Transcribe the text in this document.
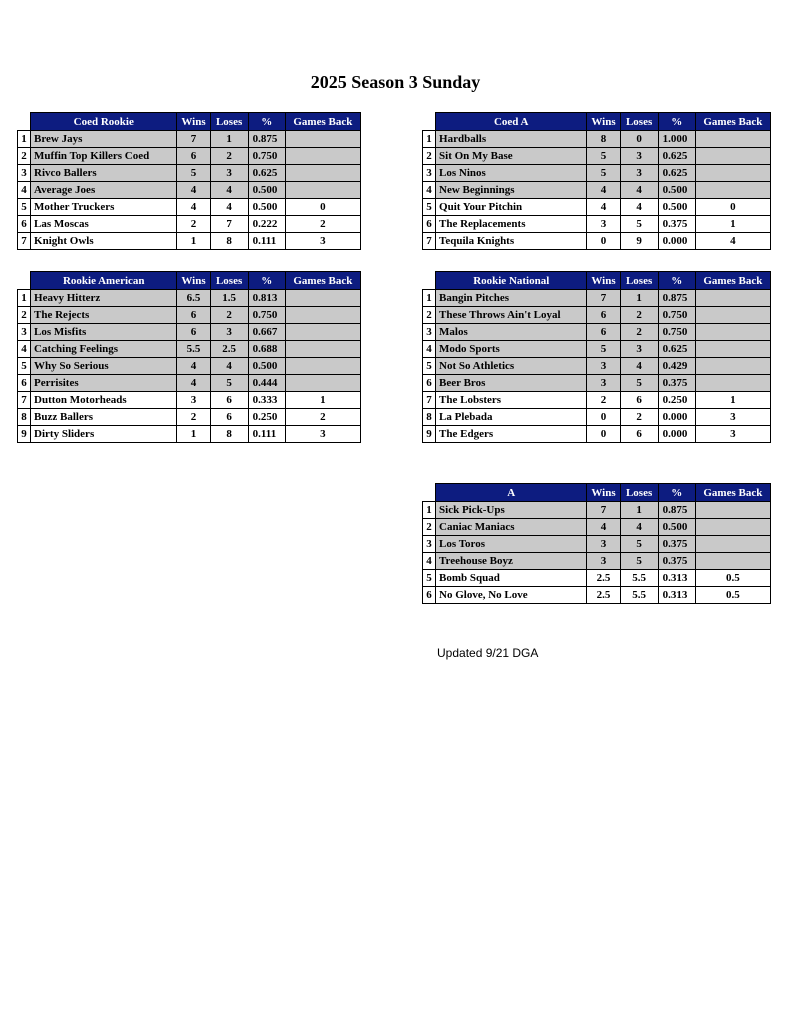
2025 Season 3 Sunday
	Coed Rookie	Wins	Loses	%	Games Back
1	Brew Jays	7	1	0.875	
2	Muffin Top Killers Coed	6	2	0.750	
3	Rivco Ballers	5	3	0.625	
4	Average Joes	4	4	0.500	
5	Mother Truckers	4	4	0.500	0
6	Las Moscas	2	7	0.222	2
7	Knight Owls	1	8	0.111	3
	Coed A	Wins	Loses	%	Games Back
1	Hardballs	8	0	1.000	
2	Sit On My Base	5	3	0.625	
3	Los Ninos	5	3	0.625	
4	New Beginnings	4	4	0.500	
5	Quit Your Pitchin	4	4	0.500	0
6	The Replacements	3	5	0.375	1
7	Tequila Knights	0	9	0.000	4
	Rookie American	Wins	Loses	%	Games Back
1	Heavy Hitterz	6.5	1.5	0.813	
2	The Rejects	6	2	0.750	
3	Los Misfits	6	3	0.667	
4	Catching Feelings	5.5	2.5	0.688	
5	Why So Serious	4	4	0.500	
6	Perrisites	4	5	0.444	
7	Dutton Motorheads	3	6	0.333	1
8	Buzz Ballers	2	6	0.250	2
9	Dirty Sliders	1	8	0.111	3
	Rookie National	Wins	Loses	%	Games Back
1	Bangin Pitches	7	1	0.875	
2	These Throws Ain't Loyal	6	2	0.750	
3	Malos	6	2	0.750	
4	Modo Sports	5	3	0.625	
5	Not So Athletics	3	4	0.429	
6	Beer Bros	3	5	0.375	
7	The Lobsters	2	6	0.250	1
8	La Plebada	0	2	0.000	3
9	The Edgers	0	6	0.000	3
	A	Wins	Loses	%	Games Back
1	Sick Pick-Ups	7	1	0.875	
2	Caniac Maniacs	4	4	0.500	
3	Los Toros	3	5	0.375	
4	Treehouse Boyz	3	5	0.375	
5	Bomb Squad	2.5	5.5	0.313	0.5
6	No Glove, No Love	2.5	5.5	0.313	0.5
Updated 9/21 DGA
